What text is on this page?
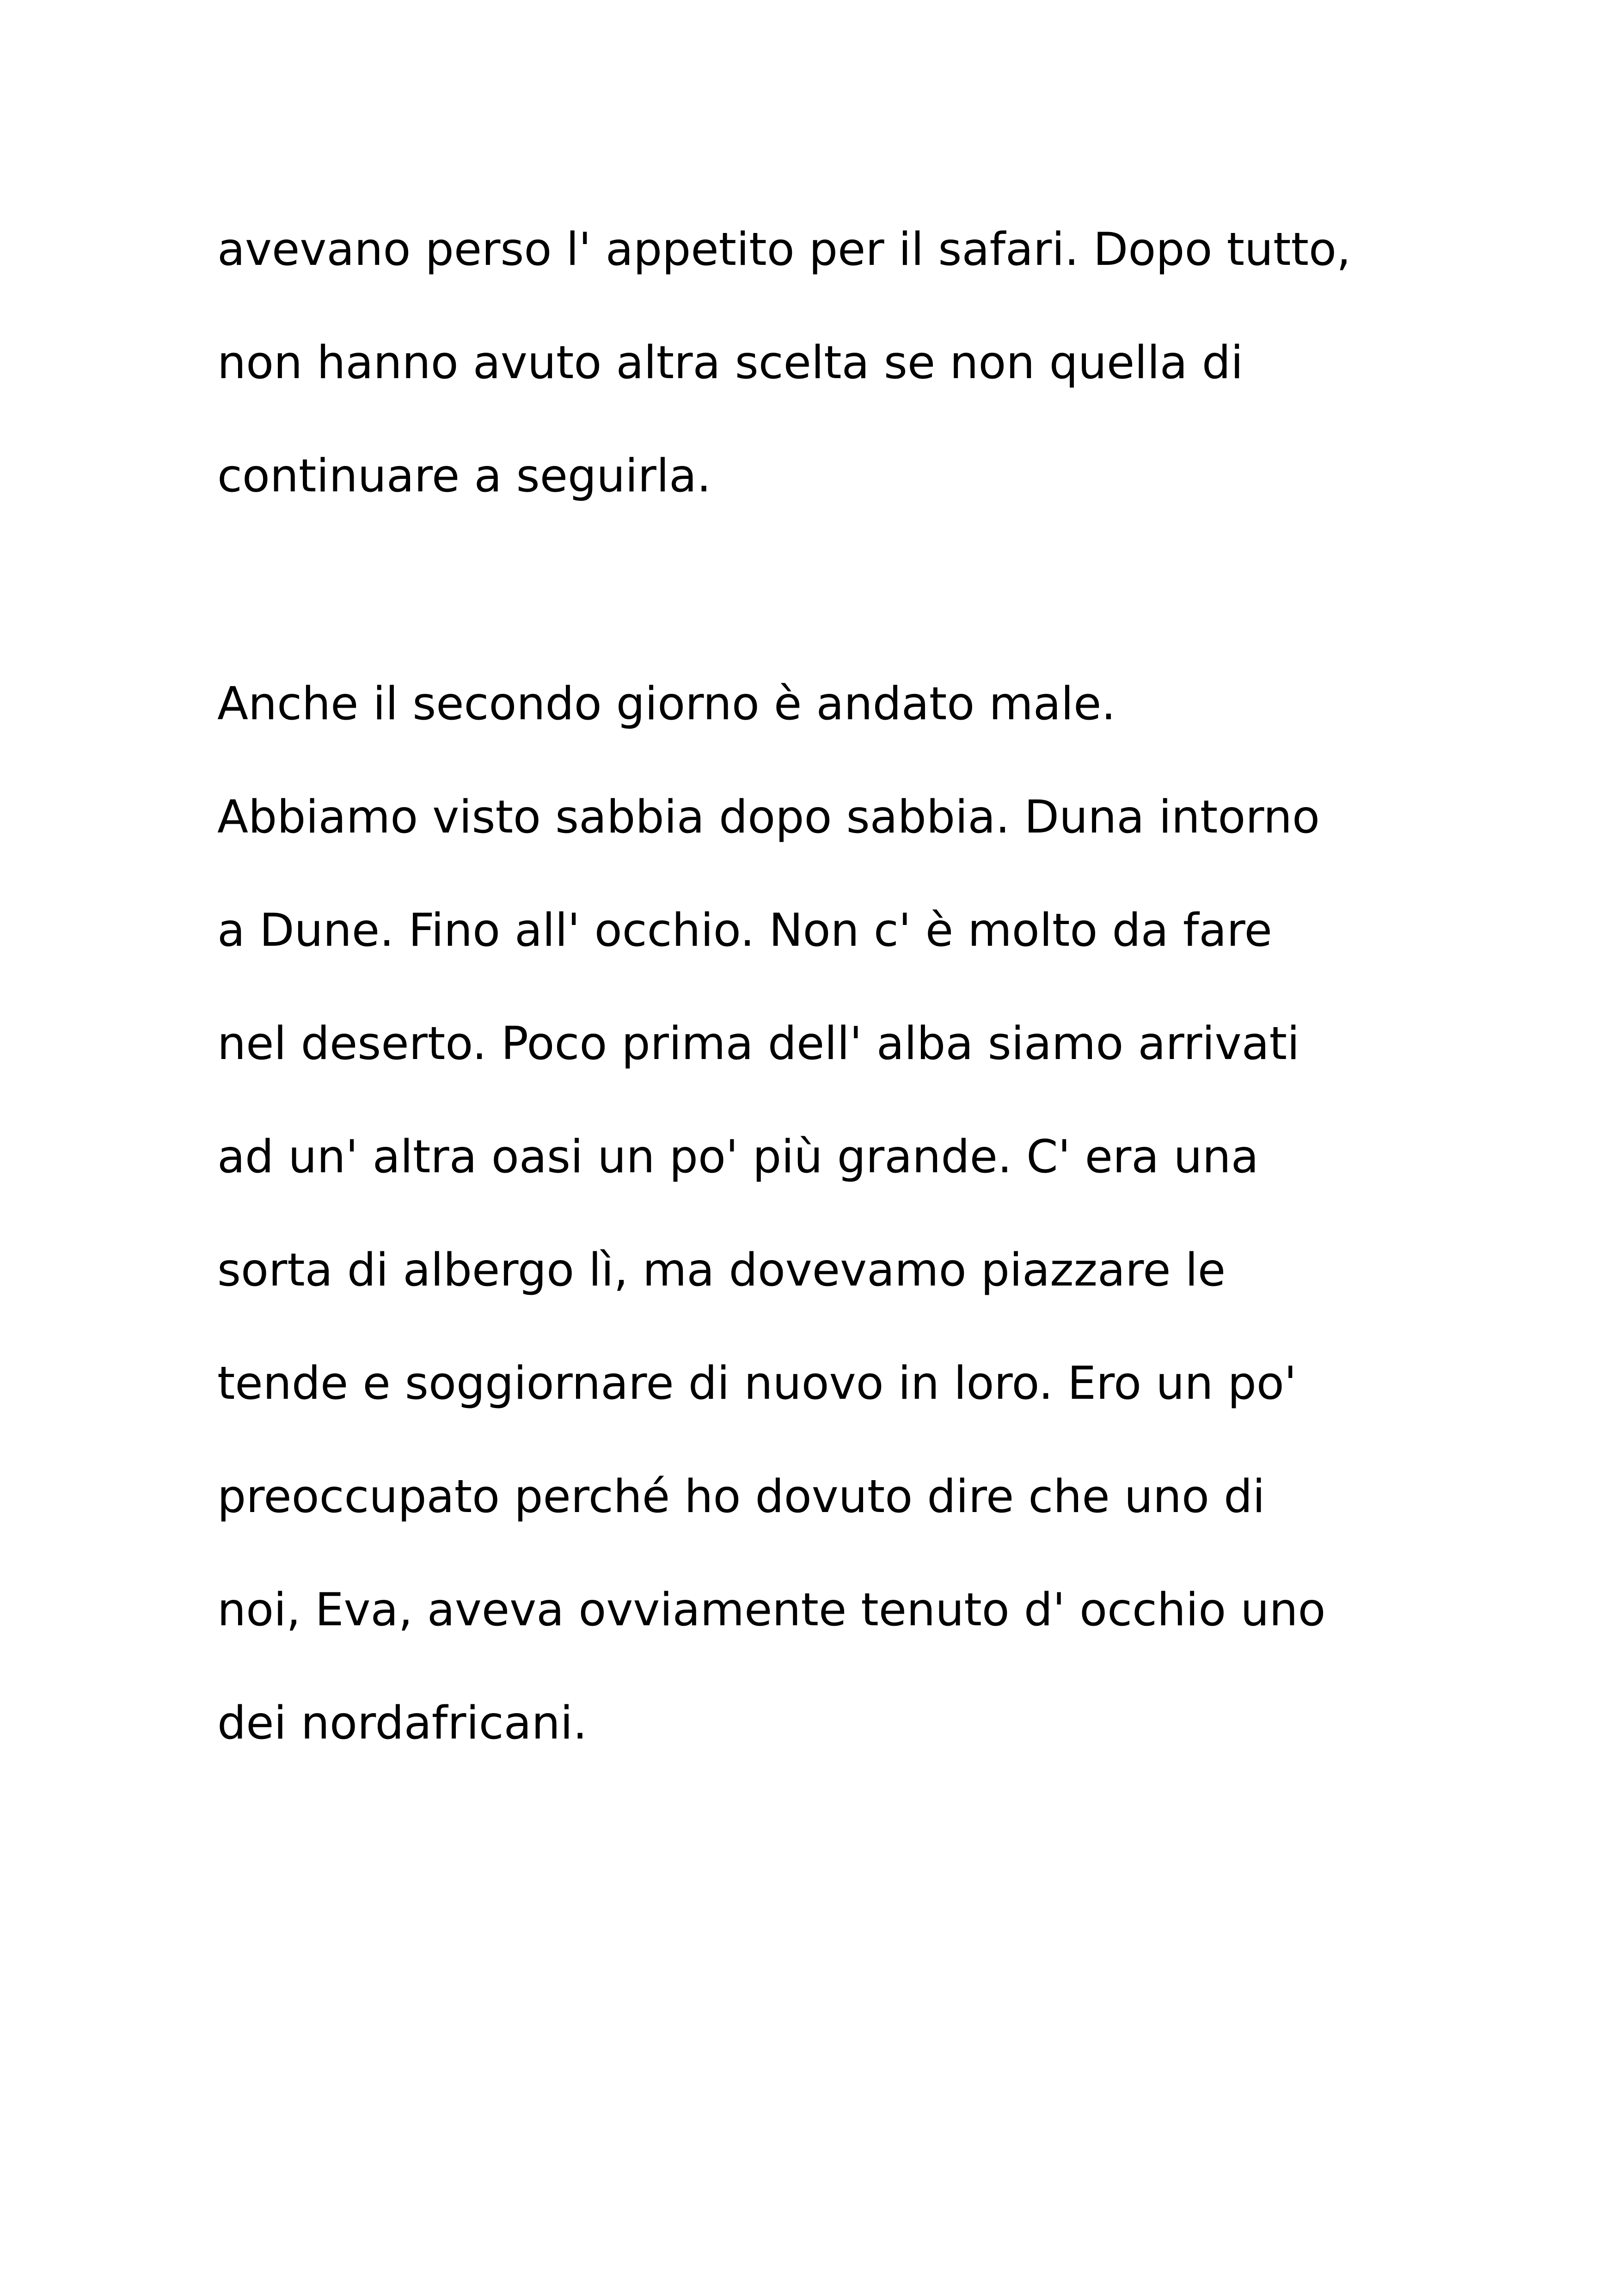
avevano perso l' appetito per il safari. Dopo tutto,

non hanno avuto altra scelta se non quella di

continuare a seguirla.

Anche il secondo giorno è andato male.

Abbiamo visto sabbia dopo sabbia. Duna intorno

a Dune. Fino all' occhio. Non c' è molto da fare

nel deserto. Poco prima dell' alba siamo arrivati

ad un' altra oasi un po' più grande. C' era una

sorta di albergo lì, ma dovevamo piazzare le

tende e soggiornare di nuovo in loro. Ero un po'

preoccupato perché ho dovuto dire che uno di

noi, Eva, aveva ovviamente tenuto d' occhio uno

dei nordafricani.
